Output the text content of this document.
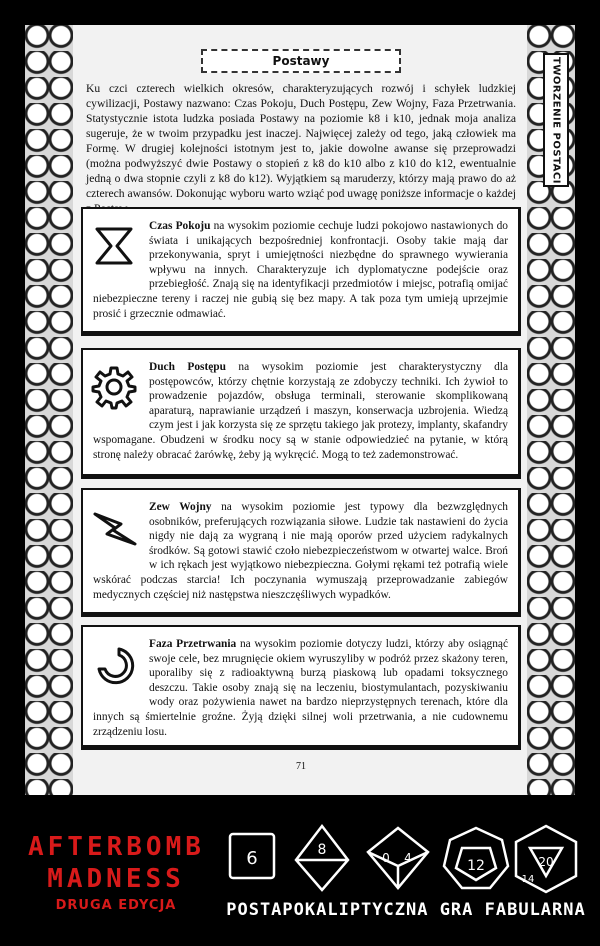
TWORZENIE POSTACI
Postawy

Ku czci czterech wielkich okresów, charakteryzujących rozwój i schyłek ludzkiej cywilizacji, Postawy nazwano: Czas Pokoju, Duch Postępu, Zew Wojny, Faza Przetrwania. Statystycznie istota ludzka posiada Postawy na poziomie k8 i k10, jednak moja analiza sugeruje, że w twoim przypadku jest inaczej. Najwięcej zależy od tego, jaką człowiek ma Formę. W drugiej kolejności istotnym jest to, jakie dowolne awanse się przeprowadzi (można podwyższyć dwie Postawy o stopień z k8 do k10 albo z k10 do k12, ewentualnie jedną o dwa stopnie czyli z k8 do k12). Wyjątkiem są maruderzy, którzy mają prawo do aż czterech awansów. Dokonując wyboru warto wziąć pod uwagę poniższe informacje o każdej

Czas Pokoju na wysokim poziomie cechuje ludzi pokojowo nastawionych do świata i unikających bezpośredniej konfrontacji. Osoby takie mają dar przekonywania, spryt i umiejętności niezbędne do sprawnego wywierania wpływu na innych. Charakteryzuje ich dyplomatyczne podejście oraz przebiegłość. Znają się na identyfikacji przedmiotów i miejsc, potrafią omijać niebezpieczne tereny i raczej nie gubią się bez mapy. A tak poza tym umieją uprzejmie prosić i grzecznie odmawiać.

Duch Postępu na wysokim poziomie jest charakterystyczny dla postępowców, którzy chętnie korzystają ze zdobyczy techniki. Ich żywioł to prowadzenie pojazdów, obsługa terminali, sterowanie skomplikowaną aparaturą, naprawianie urządzeń i maszyn, konserwacja uzbrojenia. Wiedzą czym jest i jak korzysta się ze sprzętu takiego jak protezy, implanty, skafandry wspomagane. Obudzeni w środku nocy są w stanie odpowiedzieć na pytanie, w którą stronę należy obracać żarówkę, żeby ją wykręcić. Mogą to też zademonstrować.

Zew Wojny na wysokim poziomie jest typowy dla bezwzględnych osobników, preferujących rozwiązania siłowe. Ludzie tak nastawieni do życia nigdy nie dają za wygraną i nie mają oporów przed użyciem radykalnych środków. Są gotowi stawić czoło niebezpieczeństwom w otwartej walce. Broń w ich rękach jest wyjątkowo niebezpieczna. Gołymi rękami też potrafią wiele wskórać podczas starcia! Ich poczynania wymuszają przeprowadzanie zabiegów medycznych częściej niż następstwa nieszczęśliwych wypadków.

Faza Przetrwania na wysokim poziomie dotyczy ludzi, którzy aby osiągnąć swoje cele, bez mrugnięcie okiem wyruszyliby w podróż przez skażony teren, uporaliby się z radioaktywną burzą piaskową lub opadami toksycznego deszczu. Takie osoby znają się na leczeniu, biostymulantach, pozyskiwaniu wody oraz pożywienia nawet na bardzo nieprzystępnych terenach, które dla innych są śmiertelnie groźne. Żyją dzięki silnej woli przetrwania, a nie cudownemu zrządzeniu losu.

71
AFTERBOMB
MADNESS
DRUGA EDYCJA
6	8	0 4	12	20
14
POSTAPOKALIPTYCZNA GRA FABULARNA
